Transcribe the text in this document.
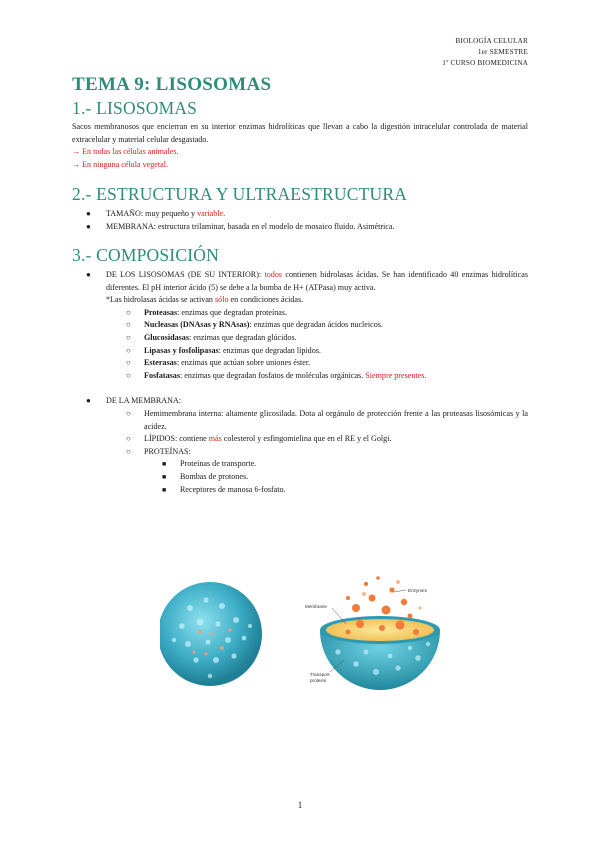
BIOLOGÍA CELULAR
1er SEMESTRE
1º CURSO BIOMEDICINA
TEMA 9: LISOSOMAS
1.- LISOSOMAS

Sacos membranosos que encierran en su interior enzimas hidrolíticas que llevan a cabo la digestión intracelular controlada de material extracelular y material celular desgastado.

→ En todas las células animales.

→ En ninguna célula vegetal.

2.- ESTRUCTURA Y ULTRAESTRUCTURA
● TAMAÑO: muy pequeño y variable.
● MEMBRANA: estructura trilaminar, basada en el modelo de mosaico fluido. Asimétrica.
3.- COMPOSICIÓN
● DE LOS LISOSOMAS (DE SU INTERIOR): todos contienen hidrolasas ácidas. Se han identificado 40 enzimas hidrolíticas diferentes. El pH interior ácido (5) se debe a la bomba de H+ (ATPasa) muy activa.

*Las hidrolasas ácidas se activan sólo en condiciones ácidas.

○ Proteasas: enzimas que degradan proteínas.
○ Nucleasas (DNAsas y RNAsas): enzimas que degradan ácidos nucleicos.
○ Glucosidasas: enzimas que degradan glúcidos.
○ Lipasas y fosfolipasas: enzimas que degradan lípidos.
○ Esterasas: enzimas que actúan sobre uniones éster.
○ Fosfatasas: enzimas que degradan fosfatos de moléculas orgánicas. Siempre presentes.
● DE LA MEMBRANA:
○ Hemimembrana interna: altamente glicosilada. Dota al orgánulo de protección frente a las proteasas lisosómicas y la acidez.
○ LÍPIDOS: contiene más colesterol y esfingomielina que en el RE y el Golgi.
○ PROTEÍNAS:
■ Proteínas de transporte.
■ Bombas de protones.
■ Receptores de manosa 6-fosfato.
Membrane
Enzymes
Transport
proteins
1
